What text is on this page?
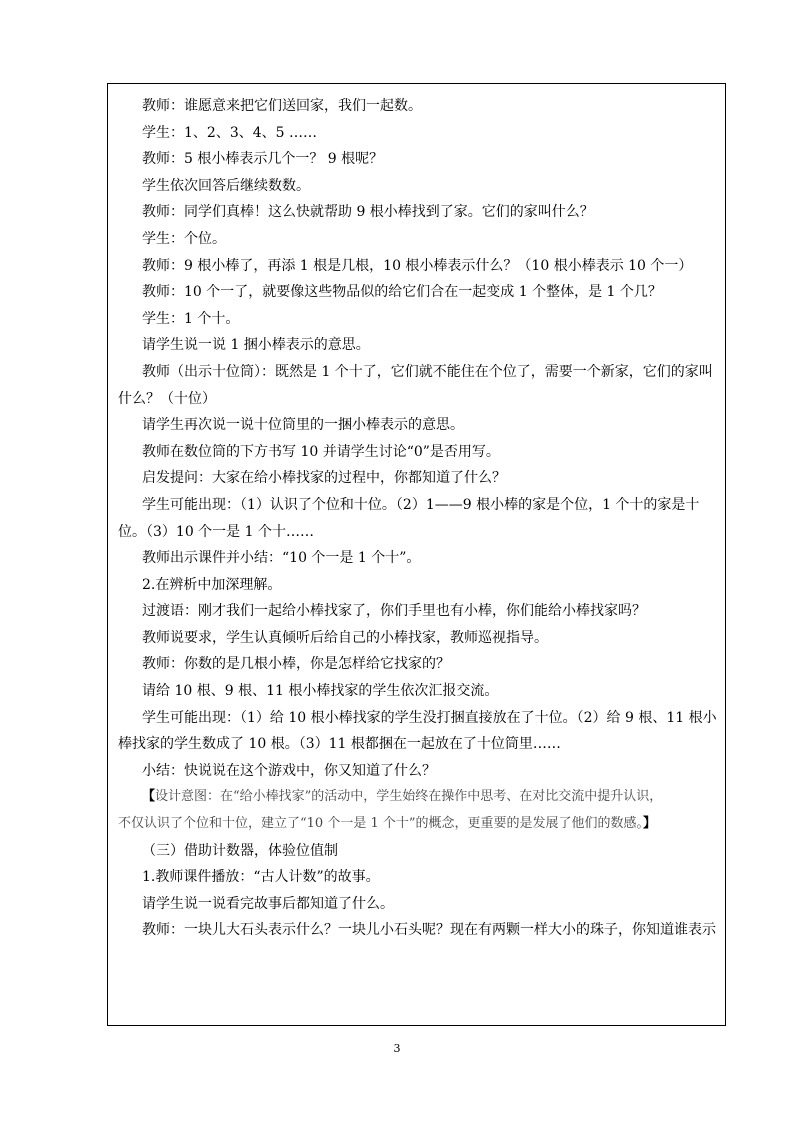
教师：谁愿意来把它们送回家，我们一起数。
学生：1、2、3、4、5 ……
教师：5 根小棒表示几个一？ 9 根呢？
学生依次回答后继续数数。
教师：同学们真棒！这么快就帮助 9 根小棒找到了家。它们的家叫什么？
学生：个位。
教师：9 根小棒了，再添 1 根是几根，10 根小棒表示什么？（10 根小棒表示 10 个一）
教师：10 个一了，就要像这些物品似的给它们合在一起变成 1 个整体，是 1 个几？
学生：1 个十。
请学生说一说 1 捆小棒表示的意思。
教师（出示十位筒）：既然是 1 个十了，它们就不能住在个位了，需要一个新家，它们的家叫
什么？（十位）
请学生再次说一说十位筒里的一捆小棒表示的意思。
教师在数位筒的下方书写 10 并请学生讨论“0”是否用写。
启发提问：大家在给小棒找家的过程中，你都知道了什么？
学生可能出现：（1）认识了个位和十位。（2）1——9 根小棒的家是个位，1 个十的家是十
位。（3）10 个一是 1 个十……
教师出示课件并小结：“10 个一是 1 个十”。
2.在辨析中加深理解。
过渡语：刚才我们一起给小棒找家了，你们手里也有小棒，你们能给小棒找家吗？
教师说要求，学生认真倾听后给自己的小棒找家，教师巡视指导。
教师：你数的是几根小棒，你是怎样给它找家的？
请给 10 根、9 根、11 根小棒找家的学生依次汇报交流。
学生可能出现：（1）给 10 根小棒找家的学生没打捆直接放在了十位。（2）给 9 根、11 根小
棒找家的学生数成了 10 根。（3）11 根都捆在一起放在了十位筒里……
小结：快说说在这个游戏中，你又知道了什么？
【设计意图：在“给小棒找家”的活动中，学生始终在操作中思考、在对比交流中提升认识，
不仅认识了个位和十位，建立了“10 个一是 1 个十”的概念，更重要的是发展了他们的数感。】
（三）借助计数器，体验位值制
1.教师课件播放：“古人计数”的故事。
请学生说一说看完故事后都知道了什么。
教师：一块儿大石头表示什么？一块儿小石头呢？现在有两颗一样大小的珠子，你知道谁表示
3
